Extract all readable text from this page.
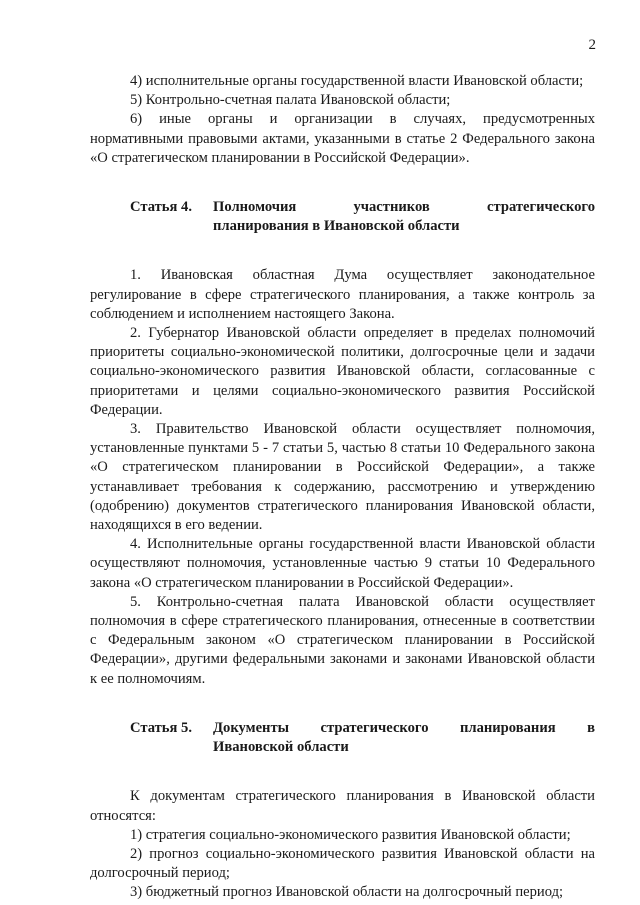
2

4) исполнительные органы государственной власти Ивановской области;

5) Контрольно-счетная палата Ивановской области;

6) иные органы и организации в случаях, предусмотренных нормативными правовыми актами, указанными в статье 2 Федерального закона «О стратегическом планировании в Российской Федерации».

Статья 4.	Полномочия участников стратегического
планирования в Ивановской области

1. Ивановская областная Дума осуществляет законодательное регулирование в сфере стратегического планирования, а также контроль за соблюдением и исполнением настоящего Закона.

2. Губернатор Ивановской области определяет в пределах полномочий приоритеты социально-экономической политики, долгосрочные цели и задачи социально-экономического развития Ивановской области, согласованные с приоритетами и целями социально-экономического развития Российской Федерации.

3. Правительство Ивановской области осуществляет полномочия, установленные пунктами 5 - 7 статьи 5, частью 8 статьи 10 Федерального закона «О стратегическом планировании в Российской Федерации», а также устанавливает требования к содержанию, рассмотрению и утверждению (одобрению) документов стратегического планирования Ивановской области, находящихся в его ведении.

4. Исполнительные органы государственной власти Ивановской области осуществляют полномочия, установленные частью 9 статьи 10 Федерального закона «О стратегическом планировании в Российской Федерации».

5. Контрольно-счетная палата Ивановской области осуществляет полномочия в сфере стратегического планирования, отнесенные в соответствии с Федеральным законом «О стратегическом планировании в Российской Федерации», другими федеральными законами и законами Ивановской области к ее полномочиям.

Статья 5.	Документы стратегического планирования в
Ивановской области

К документам стратегического планирования в Ивановской области относятся:

1) стратегия социально-экономического развития Ивановской области;

2) прогноз социально-экономического развития Ивановской области на долгосрочный период;

3) бюджетный прогноз Ивановской области на долгосрочный период;
